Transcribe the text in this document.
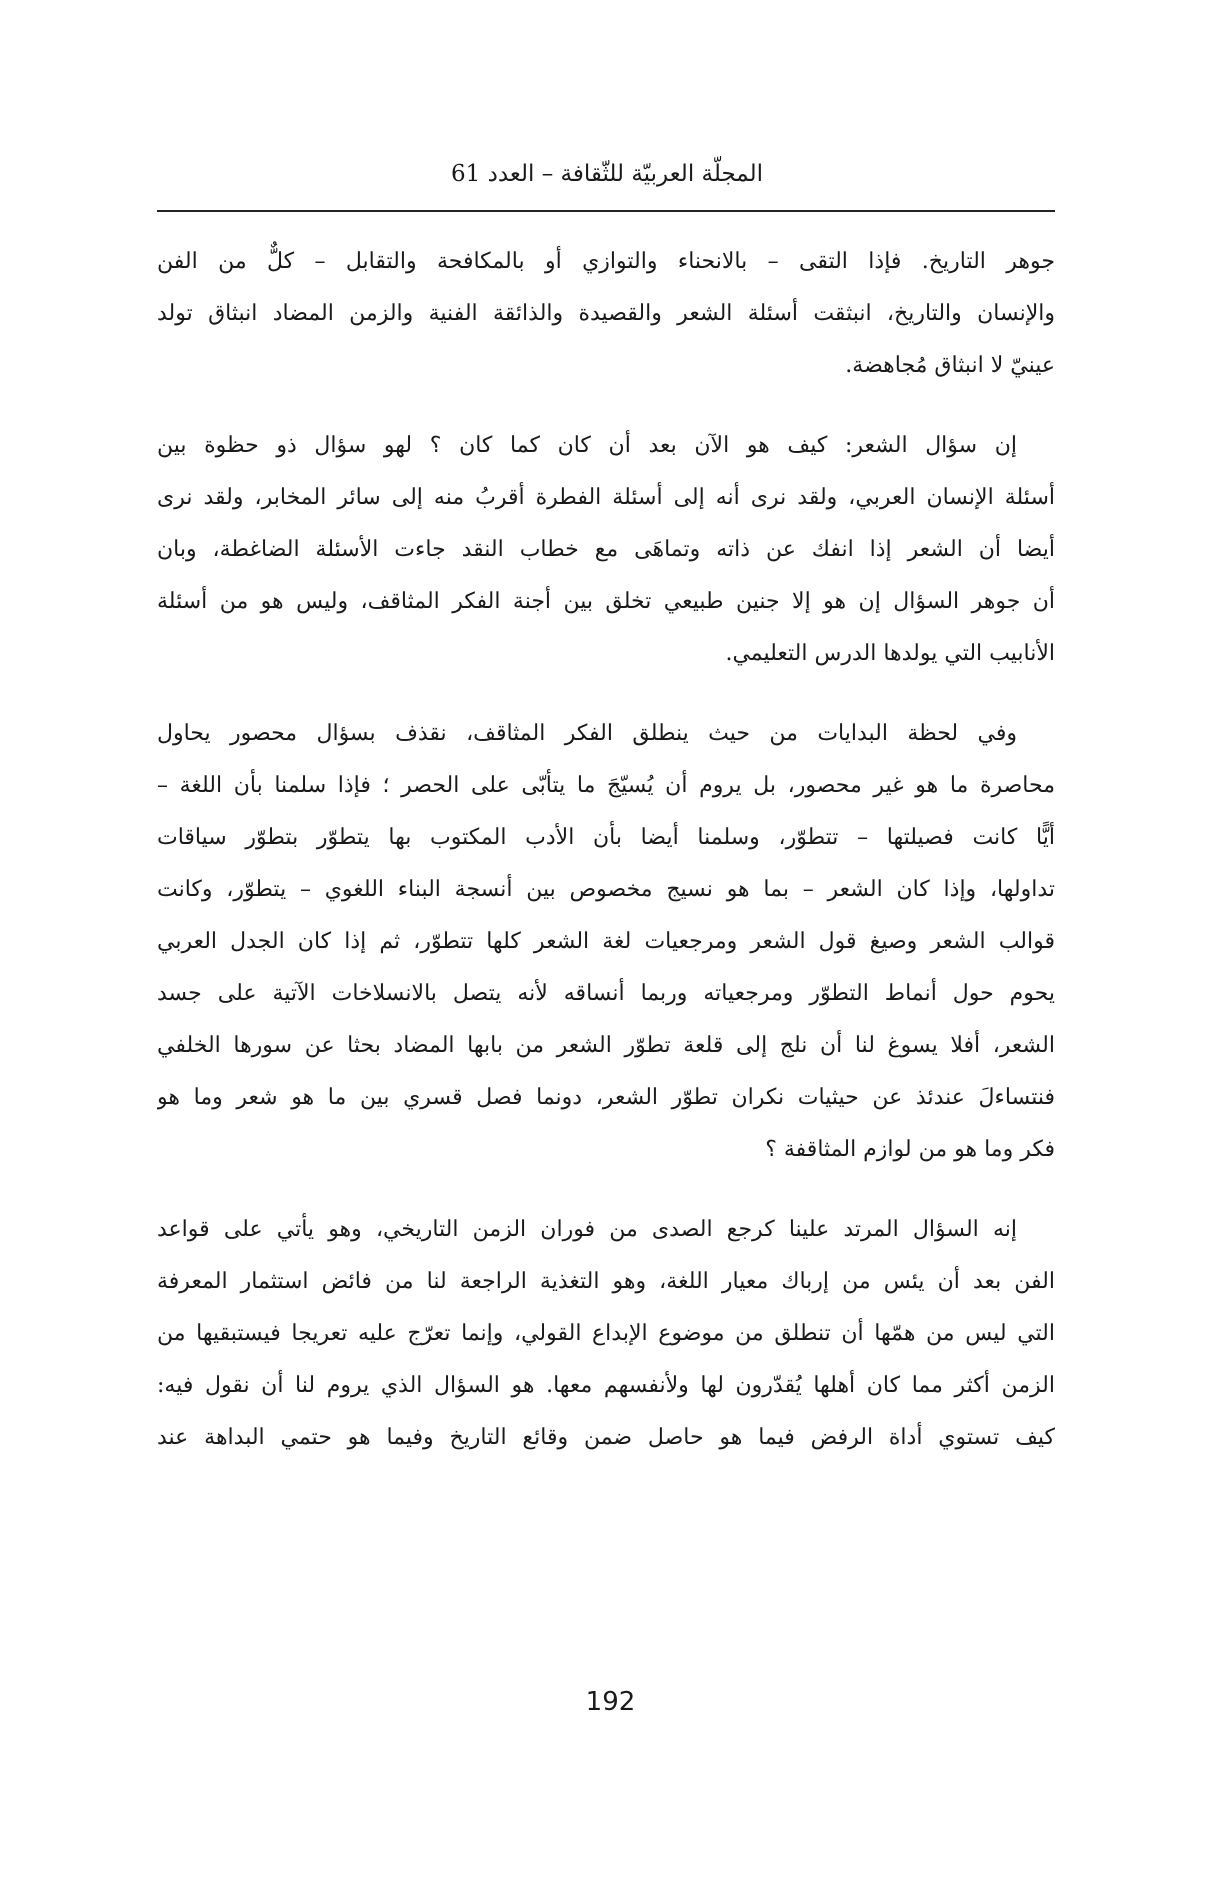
المجلّة العربيّة للثّقافة – العدد 61
جوهر التاريخ. فإذا التقى – بالانحناء والتوازي أو بالمكافحة والتقابل – كلٌّ من الفن
والإنسان والتاريخ، انبثقت أسئلة الشعر والقصيدة والذائقة الفنية والزمن المضاد انبثاق تولد
عينيّ لا انبثاق مُجاهضة.
إن سؤال الشعر: كيف هو الآن بعد أن كان كما كان ؟ لهو سؤال ذو حظوة بين
أسئلة الإنسان العربي، ولقد نرى أنه إلى أسئلة الفطرة أقربُ منه إلى سائر المخابر، ولقد نرى
أيضا أن الشعر إذا انفك عن ذاته وتماهَى مع خطاب النقد جاءت الأسئلة الضاغطة، وبان
أن جوهر السؤال إن هو إلا جنين طبيعي تخلق بين أجنة الفكر المثاقف، وليس هو من أسئلة
الأنابيب التي يولدها الدرس التعليمي.
وفي لحظة البدايات من حيث ينطلق الفكر المثاقف، نقذف بسؤال محصور يحاول
محاصرة ما هو غير محصور، بل يروم أن يُسيّجَ ما يتأبّى على الحصر ؛ فإذا سلمنا بأن اللغة –
أيًّا كانت فصيلتها – تتطوّر، وسلمنا أيضا بأن الأدب المكتوب بها يتطوّر بتطوّر سياقات
تداولها، وإذا كان الشعر – بما هو نسيج مخصوص بين أنسجة البناء اللغوي – يتطوّر، وكانت
قوالب الشعر وصيغ قول الشعر ومرجعيات لغة الشعر كلها تتطوّر، ثم إذا كان الجدل العربي
يحوم حول أنماط التطوّر ومرجعياته وربما أنساقه لأنه يتصل بالانسلاخات الآتية على جسد
الشعر، أفلا يسوغ لنا أن نلج إلى قلعة تطوّر الشعر من بابها المضاد بحثا عن سورها الخلفي
فنتساءلَ عندئذ عن حيثيات نكران تطوّر الشعر، دونما فصل قسري بين ما هو شعر وما هو
فكر وما هو من لوازم المثاقفة ؟
إنه السؤال المرتد علينا كرجع الصدى من فوران الزمن التاريخي، وهو يأتي على قواعد
الفن بعد أن يئس من إرباك معيار اللغة، وهو التغذية الراجعة لنا من فائض استثمار المعرفة
التي ليس من همّها أن تنطلق من موضوع الإبداع القولي، وإنما تعرّج عليه تعريجا فيستبقيها من
الزمن أكثر مما كان أهلها يُقدّرون لها ولأنفسهم معها. هو السؤال الذي يروم لنا أن نقول فيه:
كيف تستوي أداة الرفض فيما هو حاصل ضمن وقائع التاريخ وفيما هو حتمي البداهة عند
192
